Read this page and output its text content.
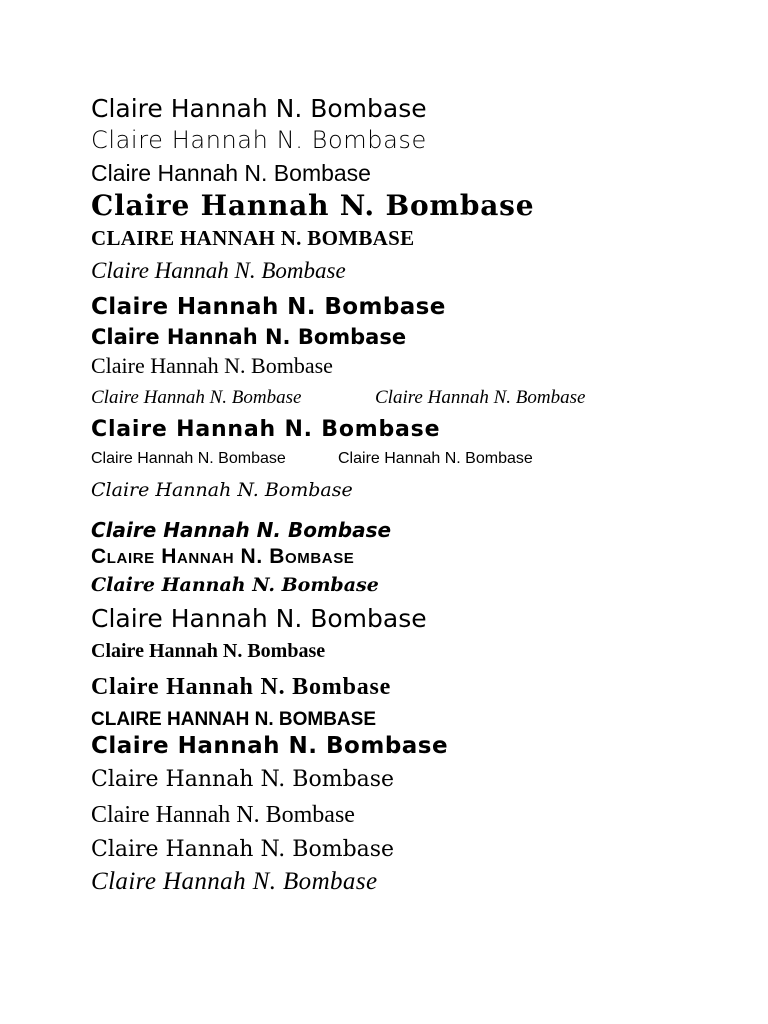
Claire Hannah N. Bombase
Claire Hannah N. Bombase
Claire Hannah N. Bombase
Claire Hannah N. Bombase
CLAIRE HANNAH N. BOMBASE
Claire Hannah N. Bombase
Claire Hannah N. Bombase
Claire Hannah N. Bombase
Claire Hannah N. Bombase
Claire Hannah N. Bombase	Claire Hannah N. Bombase
Claire Hannah N. Bombase
Claire Hannah N. Bombase	Claire Hannah N. Bombase
Claire Hannah N. Bombase
Claire Hannah N. Bombase
Claire Hannah N. Bombase
Claire Hannah N. Bombase
Claire Hannah N. Bombase
Claire Hannah N. Bombase
Claire Hannah N. Bombase
CLAIRE HANNAH N. BOMBASE
Claire Hannah N. Bombase
Claire Hannah N. Bombase
Claire Hannah N. Bombase
Claire Hannah N. Bombase
Claire Hannah N. Bombase
